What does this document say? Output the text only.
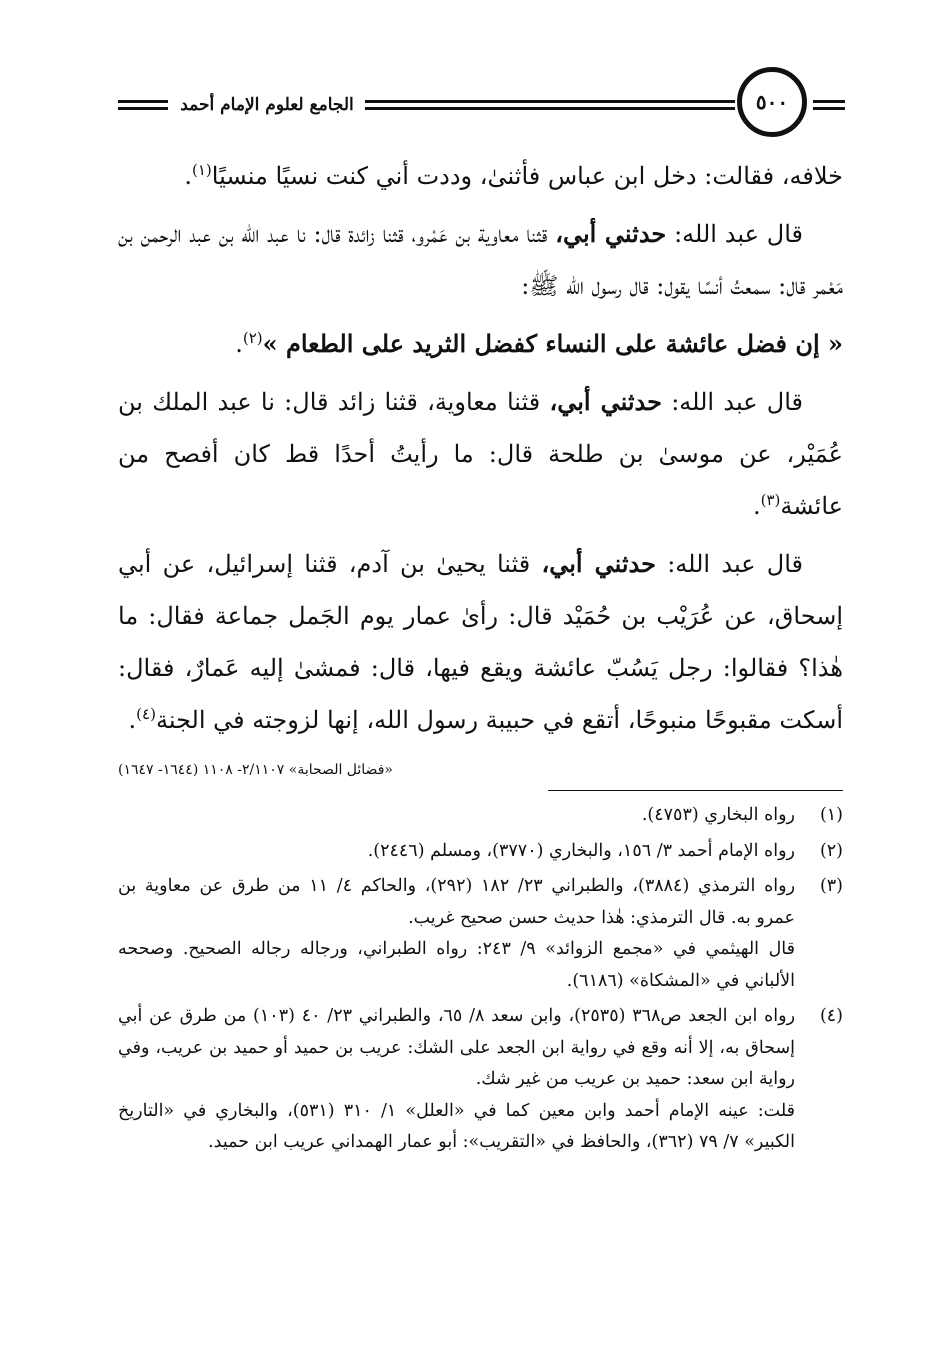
الجامع لعلوم الإمام أحمد	٥٠٠

خلافه، فقالت: دخل ابن عباس فأثنىٰ، وددت أني كنت نسيًا منسيًا$^{(١)}$.

قال عبد الله: حدثني أبي، قثنا معاوية بن عَمْرو، قثنا زائدة قال: نا عبد الله بن عبد الرحمن بن مَعْمر قال: سمعتُ أنسًا يقول: قال رسول الله ﷺ:

« إن فضل عائشة على النساء كفضل الثريد على الطعام »$^{(٢)}$.

قال عبد الله: حدثني أبي، قثنا معاوية، قثنا زائد قال: نا عبد الملك بن عُمَيْر، عن موسىٰ بن طلحة قال: ما رأيتُ أحدًا قط كان أفصح من عائشة$^{(٣)}$.

قال عبد الله: حدثني أبي، قثنا يحيىٰ بن آدم، قثنا إسرائيل، عن أبي إسحاق، عن عُرَيْب بن حُمَيْد قال: رأىٰ عمار يوم الجَمل جماعة فقال: ما هٰذا؟ فقالوا: رجل يَسُبّ عائشة ويقع فيها، قال: فمشىٰ إليه عَمارٌ، فقال: أسكت مقبوحًا منبوحًا، أتقع في حبيبة رسول الله، إنها لزوجته في الجنة$^{(٤)}$.
«فضائل الصحابة» ٢/١١٠٧- ١١٠٨ (١٦٤٤- ١٦٤٧)

(١)
رواه البخاري (٤٧٥٣).
(٢)
رواه الإمام أحمد ٣/ ١٥٦، والبخاري (٣٧٧٠)، ومسلم (٢٤٤٦).
(٣)
رواه الترمذي (٣٨٨٤)، والطبراني ٢٣/ ١٨٢ (٢٩٢)، والحاكم ٤/ ١١ من طرق عن معاوية بن عمرو به. قال الترمذي: هٰذا حديث حسن صحيح غريب.
قال الهيثمي في «مجمع الزوائد» ٩/ ٢٤٣: رواه الطبراني، ورجاله رجاله الصحيح. وصححه الألباني في «المشكاة» (٦١٨٦).
(٤)
رواه ابن الجعد ص٣٦٨ (٢٥٣٥)، وابن سعد ٨/ ٦٥، والطبراني ٢٣/ ٤٠ (١٠٣) من طرق عن أبي إسحاق به، إلا أنه وقع في رواية ابن الجعد على الشك: عريب بن حميد أو حميد بن عريب، وفي رواية ابن سعد: حميد بن عريب من غير شك.
قلت: عينه الإمام أحمد وابن معين كما في «العلل» ١/ ٣١٠ (٥٣١)، والبخاري في «التاريخ الكبير» ٧/ ٧٩ (٣٦٢)، والحافظ في «التقريب»: أبو عمار الهمداني عريب ابن حميد.
